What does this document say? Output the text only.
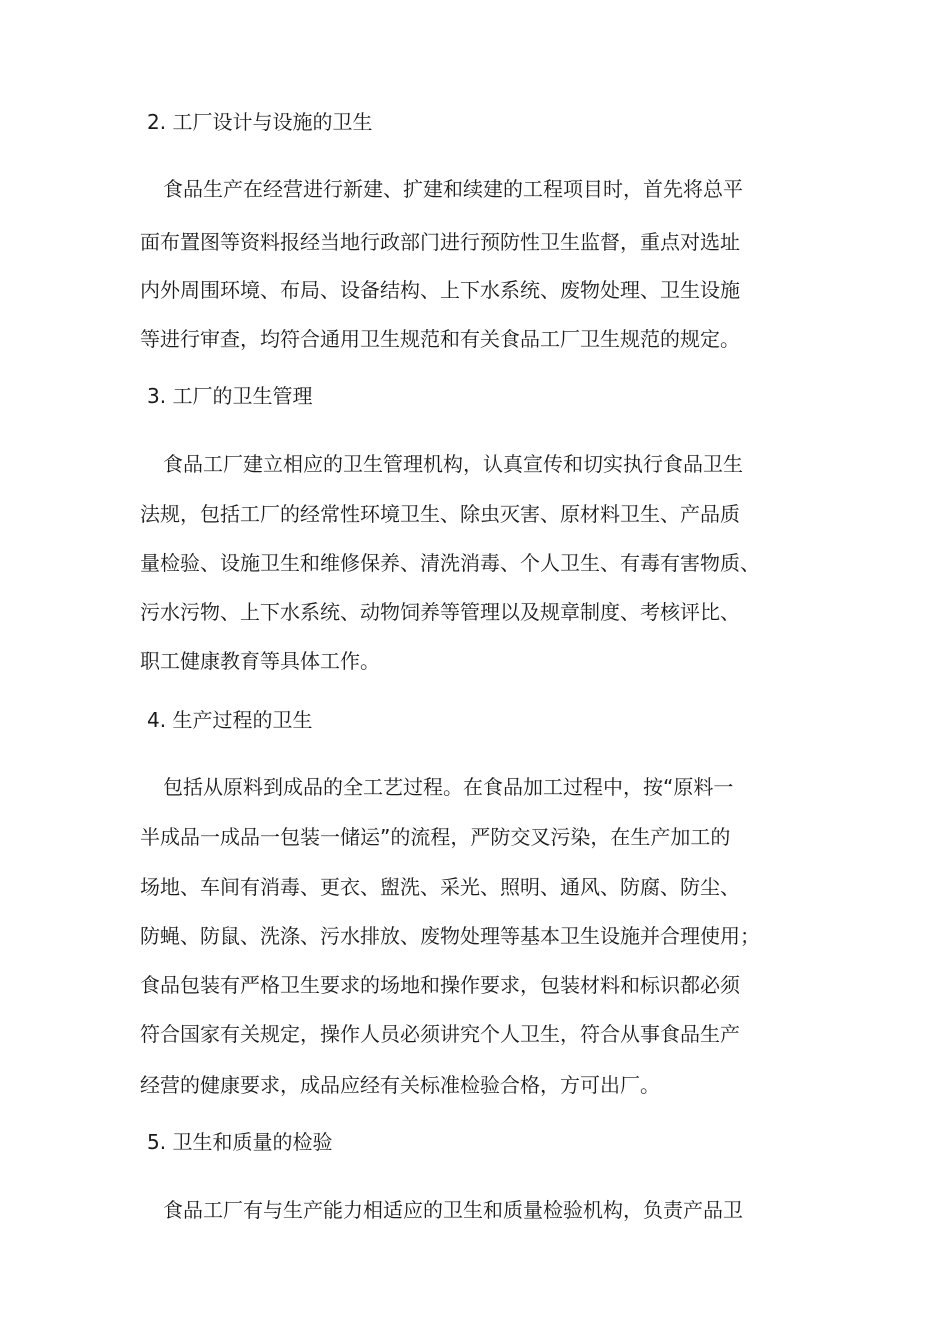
2. 工厂设计与设施的卫生
食品生产在经营进行新建、扩建和续建的工程项目时，首先将总平
面布置图等资料报经当地行政部门进行预防性卫生监督，重点对选址
内外周围环境、布局、设备结构、上下水系统、废物处理、卫生设施
等进行审查，均符合通用卫生规范和有关食品工厂卫生规范的规定。
3. 工厂的卫生管理
食品工厂建立相应的卫生管理机构，认真宣传和切实执行食品卫生
法规，包括工厂的经常性环境卫生、除虫灭害、原材料卫生、产品质
量检验、设施卫生和维修保养、清洗消毒、个人卫生、有毒有害物质、
污水污物、上下水系统、动物饲养等管理以及规章制度、考核评比、
职工健康教育等具体工作。
4. 生产过程的卫生
包括从原料到成品的全工艺过程。在食品加工过程中，按“原料一
半成品一成品一包装一储运”的流程，严防交叉污染，在生产加工的
场地、车间有消毒、更衣、盥洗、采光、照明、通风、防腐、防尘、
防蝇、防鼠、洗涤、污水排放、废物处理等基本卫生设施并合理使用；
食品包装有严格卫生要求的场地和操作要求，包装材料和标识都必须
符合国家有关规定，操作人员必须讲究个人卫生，符合从事食品生产
经营的健康要求，成品应经有关标准检验合格，方可出厂。
5. 卫生和质量的检验
食品工厂有与生产能力相适应的卫生和质量检验机构，负责产品卫
